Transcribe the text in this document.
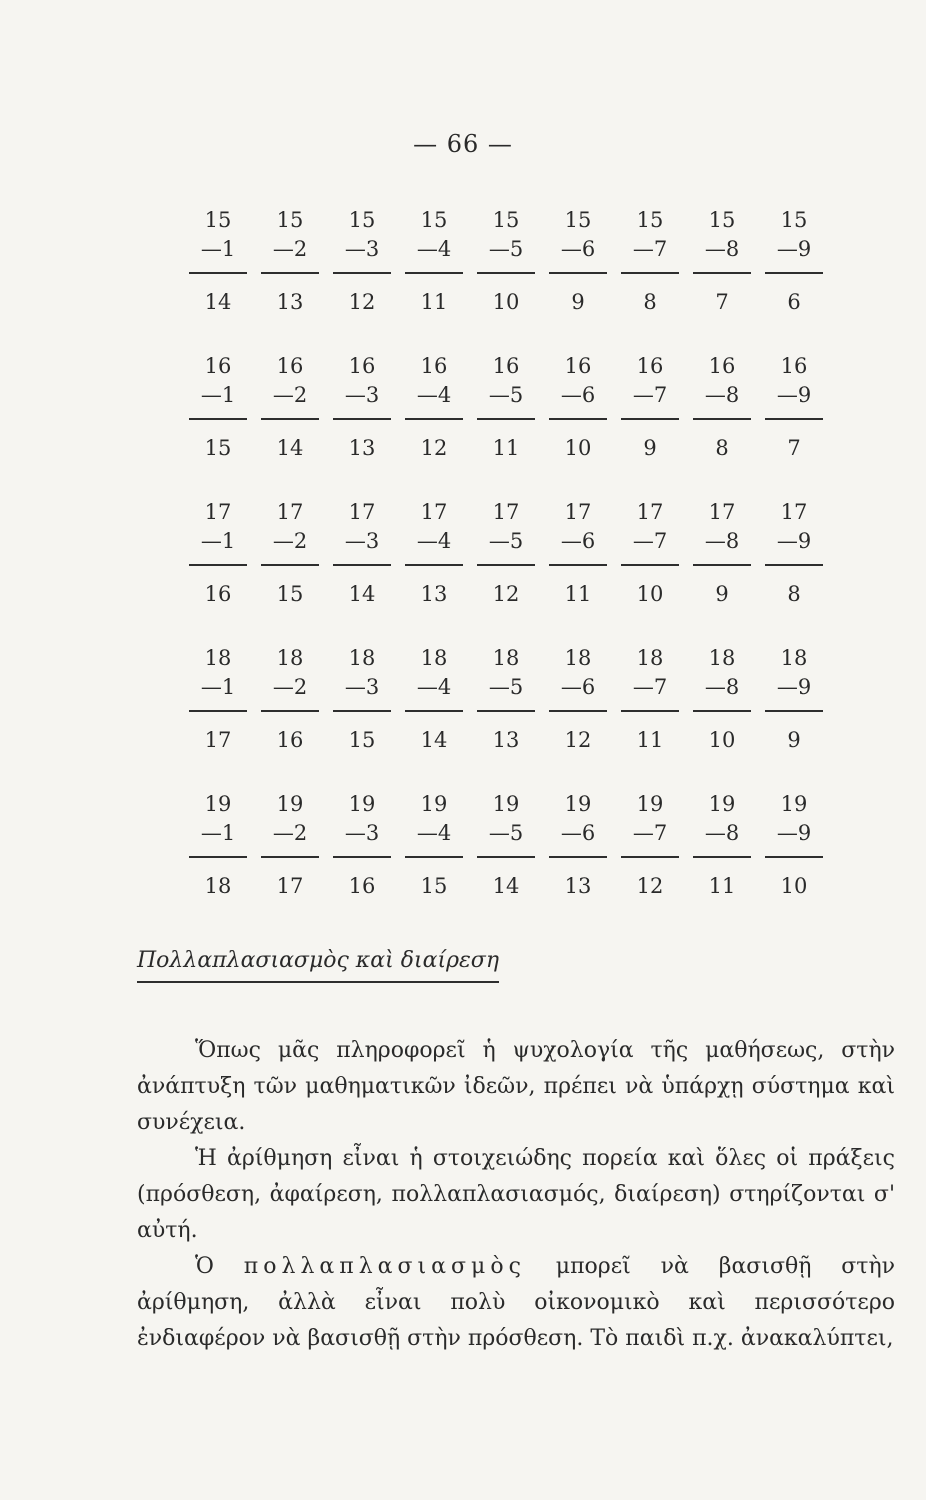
— 66 —
15	15	15	15	15	15	15	15	15
—1	—2	—3	—4	—5	—6	—7	—8	—9
14	13	12	11	10	9	8	7	6
16	16	16	16	16	16	16	16	16
—1	—2	—3	—4	—5	—6	—7	—8	—9
15	14	13	12	11	10	9	8	7
17	17	17	17	17	17	17	17	17
—1	—2	—3	—4	—5	—6	—7	—8	—9
16	15	14	13	12	11	10	9	8
18	18	18	18	18	18	18	18	18
—1	—2	—3	—4	—5	—6	—7	—8	—9
17	16	15	14	13	12	11	10	9
19	19	19	19	19	19	19	19	19
—1	—2	—3	—4	—5	—6	—7	—8	—9
18	17	16	15	14	13	12	11	10
Πολλαπλασιασμὸς καὶ διαίρεση

Ὅπως μᾶς πληροφορεῖ ἡ ψυχολογία τῆς μαθήσεως, στὴν ἀνάπτυξη τῶν μαθηματικῶν ἰδεῶν, πρέπει νὰ ὑπάρχῃ σύστημα καὶ συνέχεια.

Ἡ ἀρίθμηση εἶναι ἡ στοιχειώδης πορεία καὶ ὅλες οἱ πράξεις (πρόσθεση, ἀφαίρεση, πολλαπλασιασμός, διαίρεση) στηρίζονται σ' αὐτή.

Ὁ πολλαπλασιασμὸς μπορεῖ νὰ βασισθῇ στὴν ἀρίθμηση, ἀλλὰ εἶναι πολὺ οἰκονομικὸ καὶ περισσότερο ἐνδιαφέρον νὰ βασισθῇ στὴν πρόσθεση. Τὸ παιδὶ π.χ. ἀνακαλύπτει,
